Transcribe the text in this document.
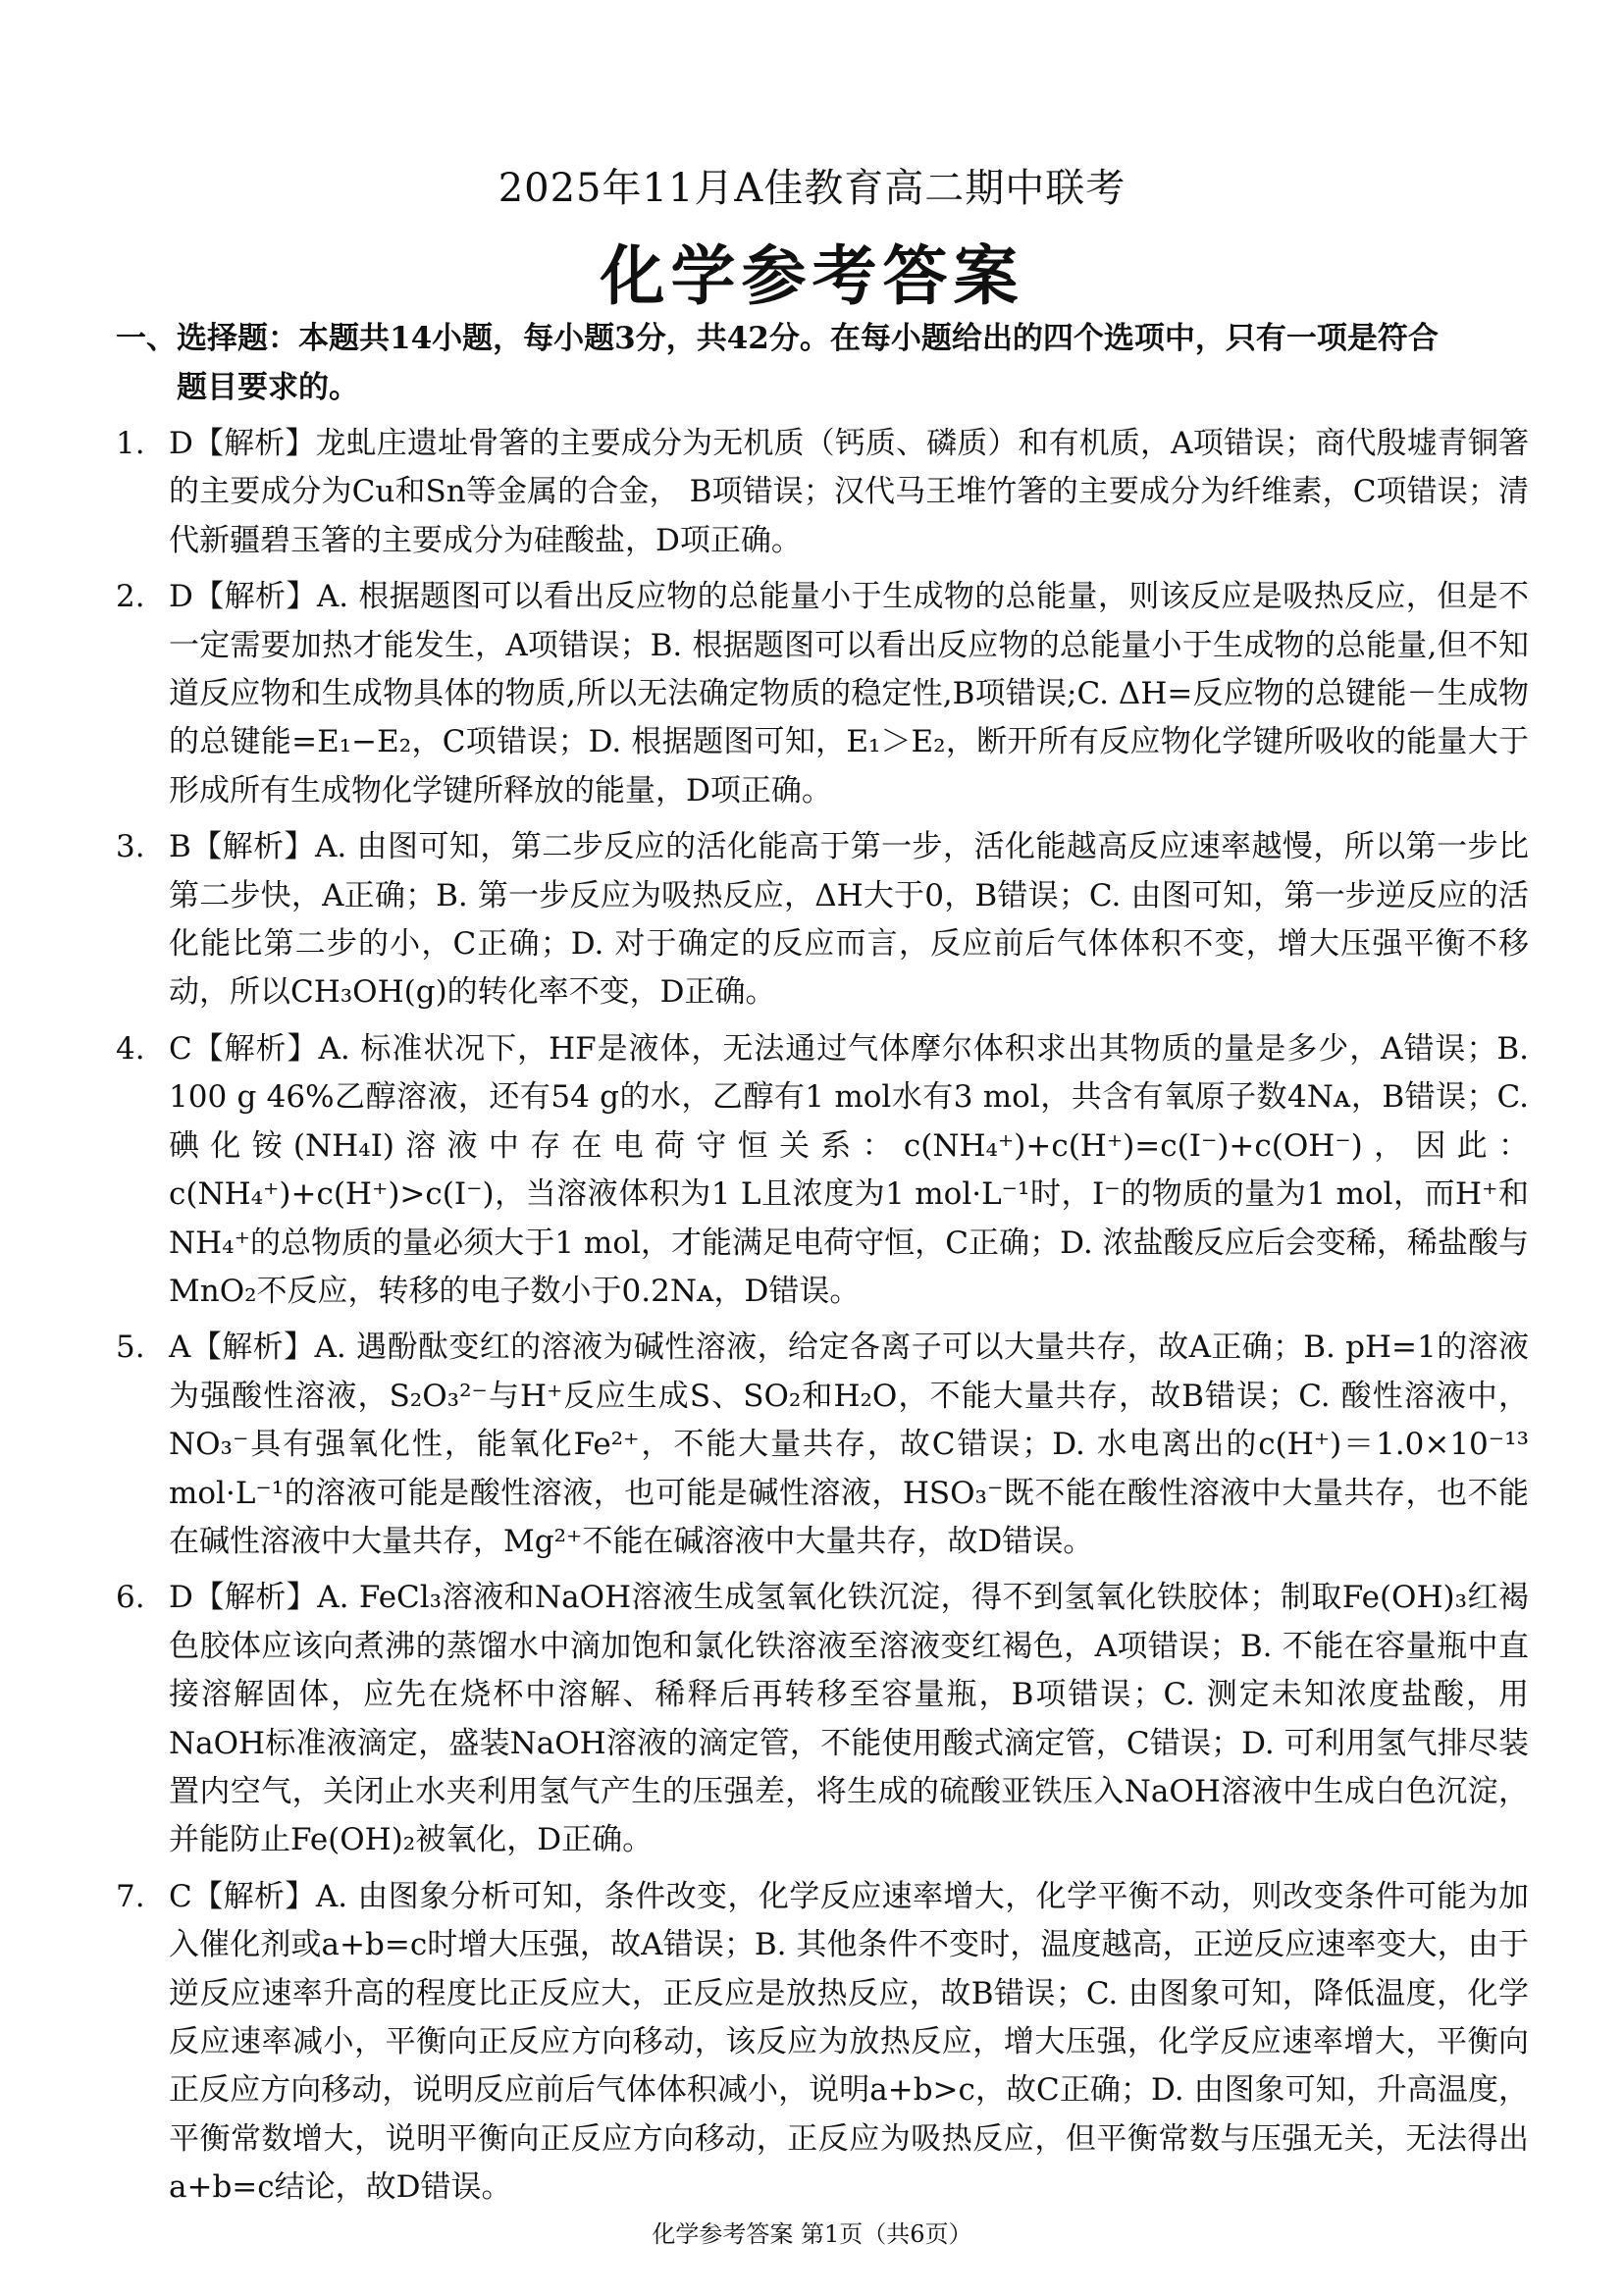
2025年11月A佳教育高二期中联考
化学参考答案
一、选择题：本题共14小题，每小题3分，共42分。在每小题给出的四个选项中，只有一项是符合
题目要求的。
1. D【解析】龙虬庄遗址骨箸的主要成分为无机质（钙质、磷质）和有机质，A项错误；商代殷墟青铜箸的主要成分为Cu和Sn等金属的合金， B项错误；汉代马王堆竹箸的主要成分为纤维素，C项错误；清代新疆碧玉箸的主要成分为硅酸盐，D项正确。
2. D【解析】A. 根据题图可以看出反应物的总能量小于生成物的总能量，则该反应是吸热反应，但是不一定需要加热才能发生，A项错误；B. 根据题图可以看出反应物的总能量小于生成物的总能量,但不知道反应物和生成物具体的物质,所以无法确定物质的稳定性,B项错误;C. ΔH=反应物的总键能－生成物的总键能=E₁−E₂，C项错误；D. 根据题图可知，E₁＞E₂，断开所有反应物化学键所吸收的能量大于形成所有生成物化学键所释放的能量，D项正确。
3. B【解析】A. 由图可知，第二步反应的活化能高于第一步，活化能越高反应速率越慢，所以第一步比第二步快，A正确；B. 第一步反应为吸热反应，ΔH大于0，B错误；C. 由图可知，第一步逆反应的活化能比第二步的小，C正确；D. 对于确定的反应而言，反应前后气体体积不变，增大压强平衡不移动，所以CH₃OH(g)的转化率不变，D正确。
4. C【解析】A. 标准状况下，HF是液体，无法通过气体摩尔体积求出其物质的量是多少，A错误；B. 100 g 46%乙醇溶液，还有54 g的水，乙醇有1 mol水有3 mol，共含有氧原子数4Nᴀ，B错误；C. 碘化铵(NH₄I)溶液中存在电荷守恒关系：c(NH₄⁺)+c(H⁺)=c(I⁻)+c(OH⁻)，因此：c(NH₄⁺)+c(H⁺)>c(I⁻)，当溶液体积为1 L且浓度为1 mol·L⁻¹时，I⁻的物质的量为1 mol，而H⁺和NH₄⁺的总物质的量必须大于1 mol，才能满足电荷守恒，C正确；D. 浓盐酸反应后会变稀，稀盐酸与MnO₂不反应，转移的电子数小于0.2Nᴀ，D错误。
5. A【解析】A. 遇酚酞变红的溶液为碱性溶液，给定各离子可以大量共存，故A正确；B. pH=1的溶液为强酸性溶液，S₂O₃²⁻与H⁺反应生成S、SO₂和H₂O，不能大量共存，故B错误；C. 酸性溶液中，NO₃⁻具有强氧化性，能氧化Fe²⁺，不能大量共存，故C错误；D. 水电离出的c(H⁺)＝1.0×10⁻¹³ mol·L⁻¹的溶液可能是酸性溶液，也可能是碱性溶液，HSO₃⁻既不能在酸性溶液中大量共存，也不能在碱性溶液中大量共存，Mg²⁺不能在碱溶液中大量共存，故D错误。
6. D【解析】A. FeCl₃溶液和NaOH溶液生成氢氧化铁沉淀，得不到氢氧化铁胶体；制取Fe(OH)₃红褐色胶体应该向煮沸的蒸馏水中滴加饱和氯化铁溶液至溶液变红褐色，A项错误；B. 不能在容量瓶中直接溶解固体，应先在烧杯中溶解、稀释后再转移至容量瓶，B项错误；C. 测定未知浓度盐酸，用NaOH标准液滴定，盛装NaOH溶液的滴定管，不能使用酸式滴定管，C错误；D. 可利用氢气排尽装置内空气，关闭止水夹利用氢气产生的压强差，将生成的硫酸亚铁压入NaOH溶液中生成白色沉淀，并能防止Fe(OH)₂被氧化，D正确。
7. C【解析】A. 由图象分析可知，条件改变，化学反应速率增大，化学平衡不动，则改变条件可能为加入催化剂或a+b=c时增大压强，故A错误；B. 其他条件不变时，温度越高，正逆反应速率变大，由于逆反应速率升高的程度比正反应大，正反应是放热反应，故B错误；C. 由图象可知，降低温度，化学反应速率减小，平衡向正反应方向移动，该反应为放热反应，增大压强，化学反应速率增大，平衡向正反应方向移动，说明反应前后气体体积减小，说明a+b>c，故C正确；D. 由图象可知，升高温度，平衡常数增大，说明平衡向正反应方向移动，正反应为吸热反应，但平衡常数与压强无关，无法得出a+b=c结论，故D错误。
化学参考答案 第1页（共6页）
